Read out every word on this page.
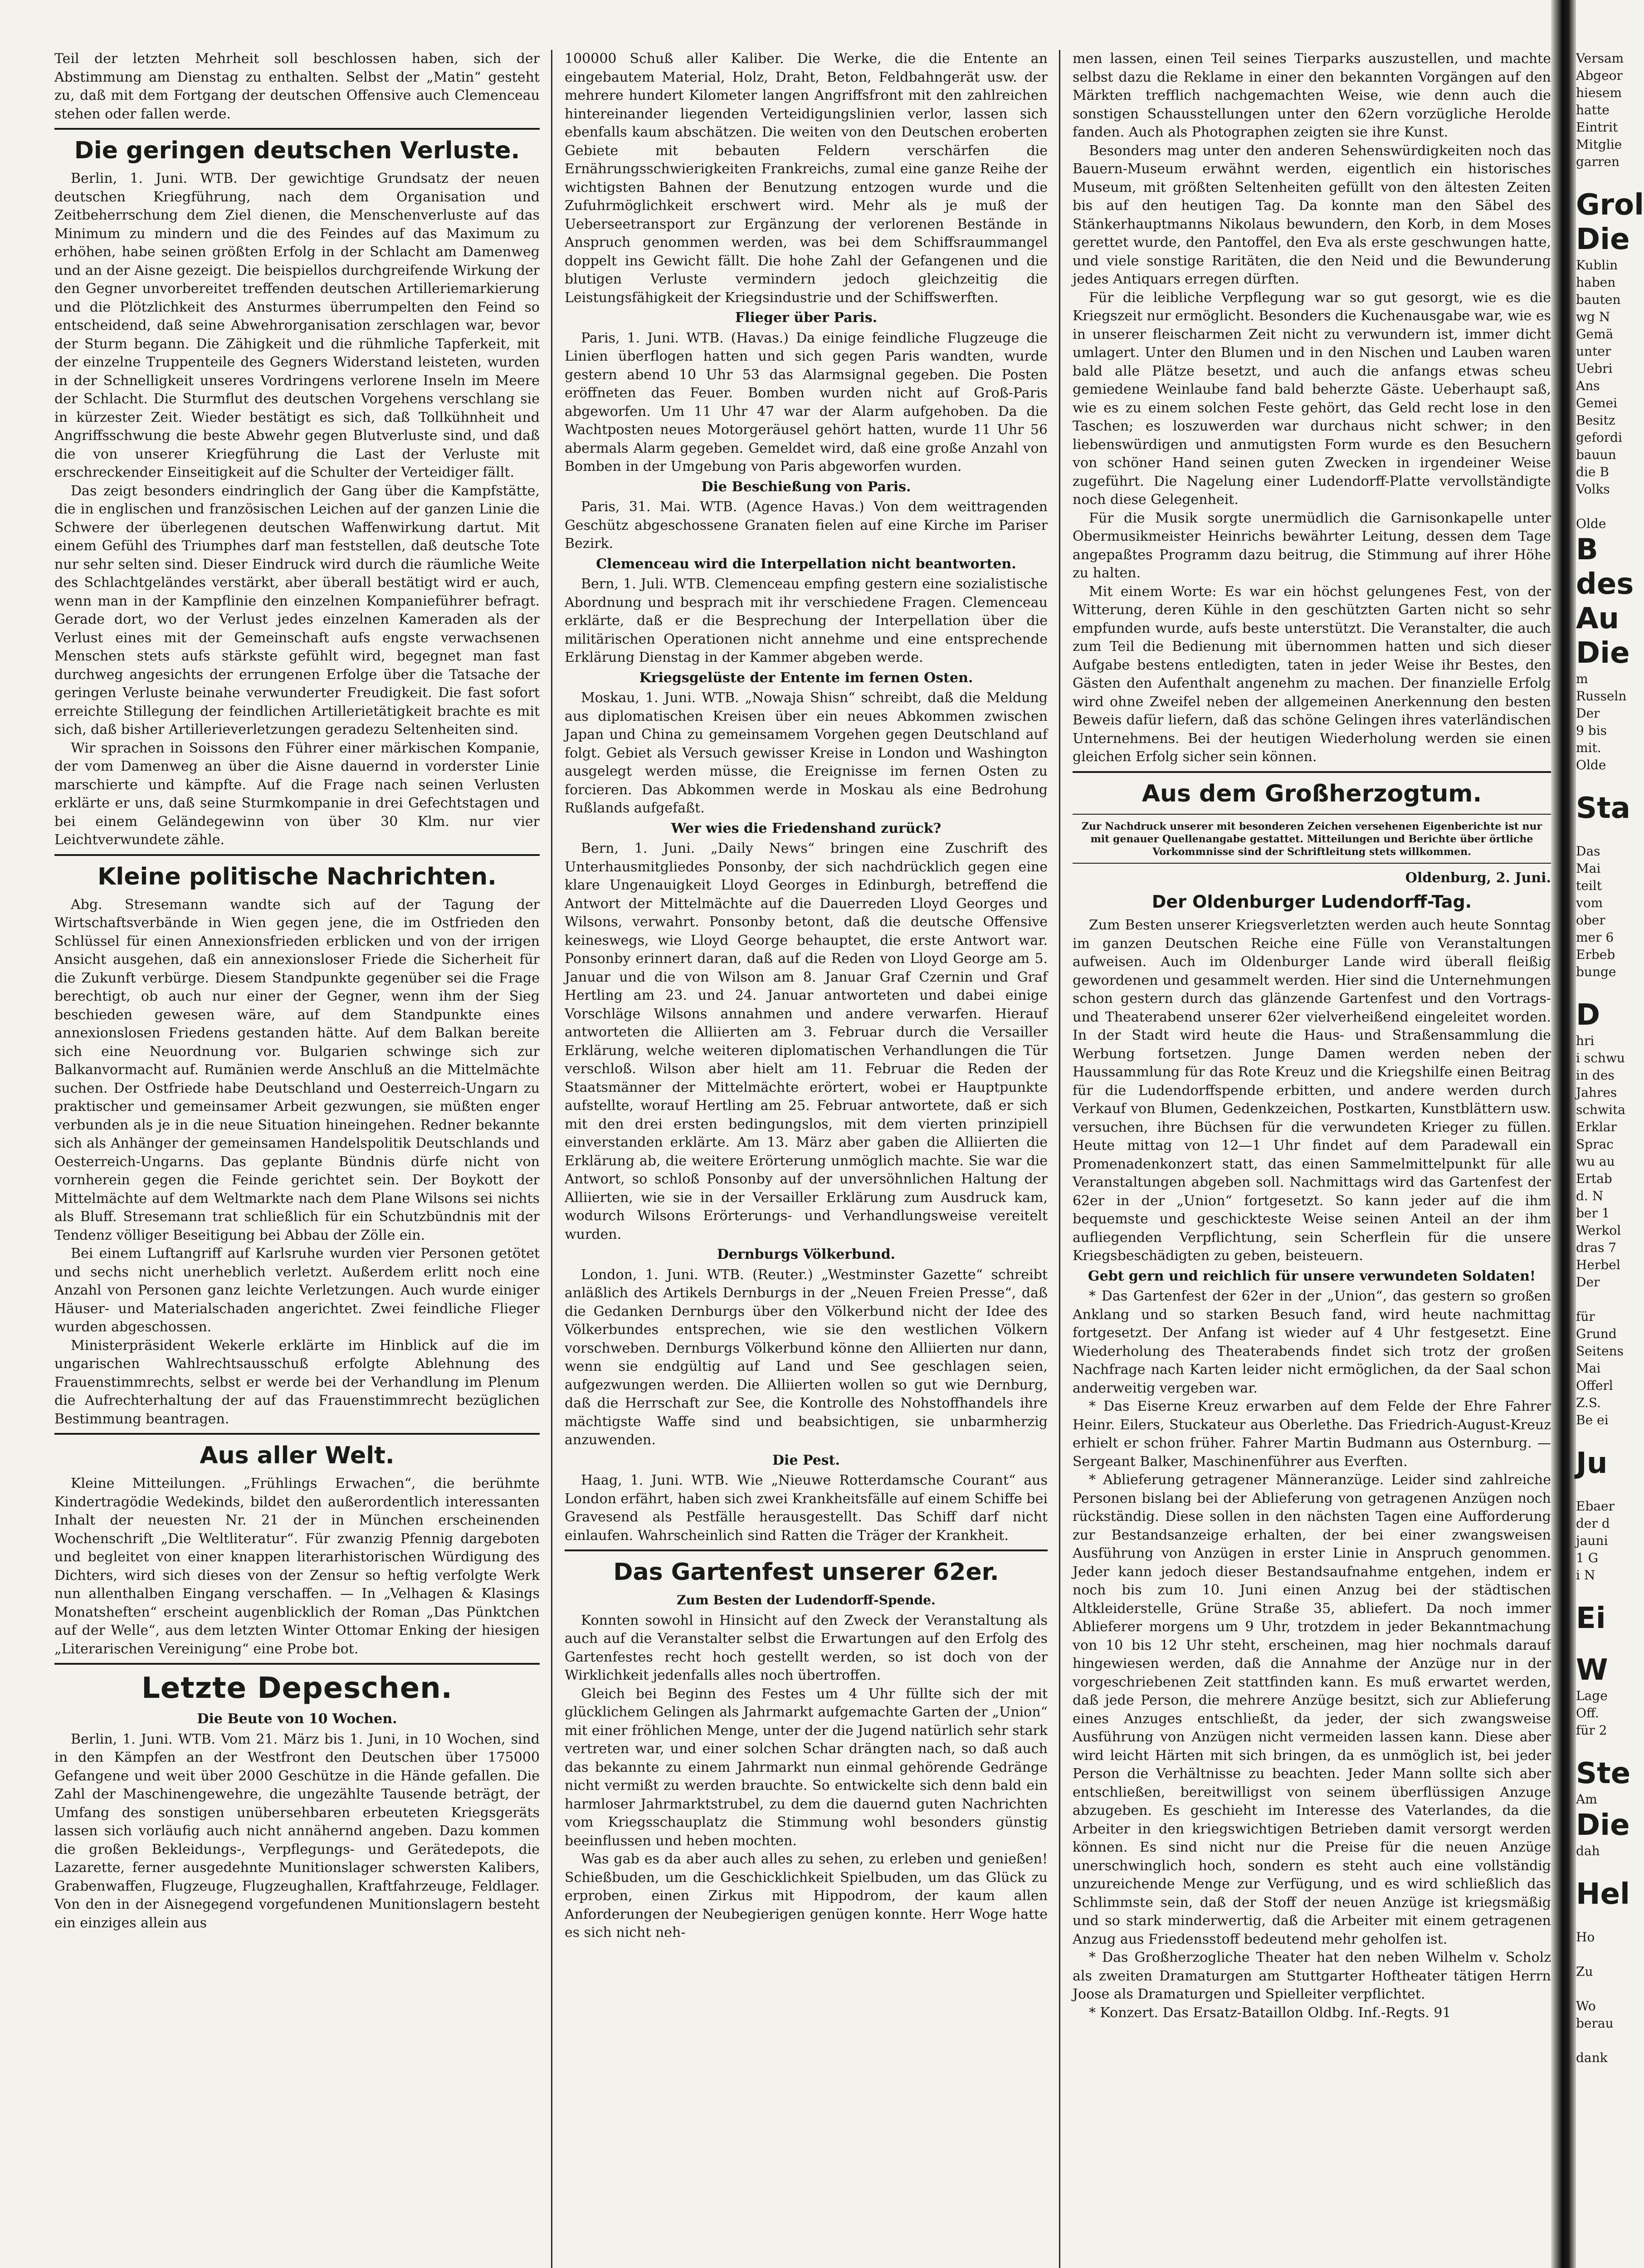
Teil der letzten Mehrheit soll beschlossen haben, sich der Abstimmung am Dienstag zu enthalten. Selbst der „Matin“ gesteht zu, daß mit dem Fortgang der deutschen Offensive auch Clemenceau stehen oder fallen werde.

Die geringen deutschen Verluste.

Berlin, 1. Juni. WTB. Der gewichtige Grundsatz der neuen deutschen Kriegführung, nach dem Organisation und Zeitbeherrschung dem Ziel dienen, die Menschenverluste auf das Minimum zu mindern und die des Feindes auf das Maximum zu erhöhen, habe seinen größten Erfolg in der Schlacht am Damenweg und an der Aisne gezeigt. Die beispiellos durchgreifende Wirkung der den Gegner unvorbereitet treffenden deutschen Artilleriemarkierung und die Plötzlichkeit des Ansturmes überrumpelten den Feind so entscheidend, daß seine Abwehrorganisation zerschlagen war, bevor der Sturm begann. Die Zähigkeit und die rühmliche Tapferkeit, mit der einzelne Truppenteile des Gegners Widerstand leisteten, wurden in der Schnelligkeit unseres Vordringens verlorene Inseln im Meere der Schlacht. Die Sturmflut des deutschen Vorgehens verschlang sie in kürzester Zeit. Wieder bestätigt es sich, daß Tollkühnheit und Angriffsschwung die beste Abwehr gegen Blutverluste sind, und daß die von unserer Kriegführung die Last der Verluste mit erschreckender Einseitigkeit auf die Schulter der Verteidiger fällt.

Das zeigt besonders eindringlich der Gang über die Kampfstätte, die in englischen und französischen Leichen auf der ganzen Linie die Schwere der überlegenen deutschen Waffenwirkung dartut. Mit einem Gefühl des Triumphes darf man feststellen, daß deutsche Tote nur sehr selten sind. Dieser Eindruck wird durch die räumliche Weite des Schlachtgeländes verstärkt, aber überall bestätigt wird er auch, wenn man in der Kampflinie den einzelnen Kompanieführer befragt. Gerade dort, wo der Verlust jedes einzelnen Kameraden als der Verlust eines mit der Gemeinschaft aufs engste verwachsenen Menschen stets aufs stärkste gefühlt wird, begegnet man fast durchweg angesichts der errungenen Erfolge über die Tatsache der geringen Verluste beinahe verwunderter Freudigkeit. Die fast sofort erreichte Stillegung der feindlichen Artillerietätigkeit brachte es mit sich, daß bisher Artillerieverletzungen geradezu Seltenheiten sind.

Wir sprachen in Soissons den Führer einer märkischen Kompanie, der vom Damenweg an über die Aisne dauernd in vorderster Linie marschierte und kämpfte. Auf die Frage nach seinen Verlusten erklärte er uns, daß seine Sturmkompanie in drei Gefechtstagen und bei einem Geländegewinn von über 30 Klm. nur vier Leichtverwundete zähle.

Kleine politische Nachrichten.

Abg. Stresemann wandte sich auf der Tagung der Wirtschaftsverbände in Wien gegen jene, die im Ostfrieden den Schlüssel für einen Annexionsfrieden erblicken und von der irrigen Ansicht ausgehen, daß ein annexionsloser Friede die Sicherheit für die Zukunft verbürge. Diesem Standpunkte gegenüber sei die Frage berechtigt, ob auch nur einer der Gegner, wenn ihm der Sieg beschieden gewesen wäre, auf dem Standpunkte eines annexionslosen Friedens gestanden hätte. Auf dem Balkan bereite sich eine Neuordnung vor. Bulgarien schwinge sich zur Balkanvormacht auf. Rumänien werde Anschluß an die Mittelmächte suchen. Der Ostfriede habe Deutschland und Oesterreich-Ungarn zu praktischer und gemeinsamer Arbeit gezwungen, sie müßten enger verbunden als je in die neue Situation hineingehen. Redner bekannte sich als Anhänger der gemeinsamen Handelspolitik Deutschlands und Oesterreich-Ungarns. Das geplante Bündnis dürfe nicht von vornherein gegen die Feinde gerichtet sein. Der Boykott der Mittelmächte auf dem Weltmarkte nach dem Plane Wilsons sei nichts als Bluff. Stresemann trat schließlich für ein Schutzbündnis mit der Tendenz völliger Beseitigung bei Abbau der Zölle ein.

Bei einem Luftangriff auf Karlsruhe wurden vier Personen getötet und sechs nicht unerheblich verletzt. Außerdem erlitt noch eine Anzahl von Personen ganz leichte Verletzungen. Auch wurde einiger Häuser- und Materialschaden angerichtet. Zwei feindliche Flieger wurden abgeschossen.

Ministerpräsident Wekerle erklärte im Hinblick auf die im ungarischen Wahlrechtsausschuß erfolgte Ablehnung des Frauenstimmrechts, selbst er werde bei der Verhandlung im Plenum die Aufrechterhaltung der auf das Frauenstimmrecht bezüglichen Bestimmung beantragen.

Aus aller Welt.

Kleine Mitteilungen. „Frühlings Erwachen“, die berühmte Kindertragödie Wedekinds, bildet den außerordentlich interessanten Inhalt der neuesten Nr. 21 der in München erscheinenden Wochenschrift „Die Weltliteratur“. Für zwanzig Pfennig dargeboten und begleitet von einer knappen literarhistorischen Würdigung des Dichters, wird sich dieses von der Zensur so heftig verfolgte Werk nun allenthalben Eingang verschaffen. — In „Velhagen & Klasings Monatsheften“ erscheint augenblicklich der Roman „Das Pünktchen auf der Welle“, aus dem letzten Winter Ottomar Enking der hiesigen „Literarischen Vereinigung“ eine Probe bot.

Letzte Depeschen.
Die Beute von 10 Wochen.

Berlin, 1. Juni. WTB. Vom 21. März bis 1. Juni, in 10 Wochen, sind in den Kämpfen an der Westfront den Deutschen über 175000 Gefangene und weit über 2000 Geschütze in die Hände gefallen. Die Zahl der Maschinengewehre, die ungezählte Tausende beträgt, der Umfang des sonstigen unübersehbaren erbeuteten Kriegsgeräts lassen sich vorläufig auch nicht annähernd angeben. Dazu kommen die großen Bekleidungs-, Verpflegungs- und Gerätedepots, die Lazarette, ferner ausgedehnte Munitionslager schwersten Kalibers, Grabenwaffen, Flugzeuge, Flugzeughallen, Kraftfahrzeuge, Feldlager. Von den in der Aisnegegend vorgefundenen Munitionslagern besteht ein einziges allein aus

100000 Schuß aller Kaliber. Die Werke, die die Entente an eingebautem Material, Holz, Draht, Beton, Feldbahngerät usw. der mehrere hundert Kilometer langen Angriffsfront mit den zahlreichen hintereinander liegenden Verteidigungslinien verlor, lassen sich ebenfalls kaum abschätzen. Die weiten von den Deutschen eroberten Gebiete mit bebauten Feldern verschärfen die Ernährungsschwierigkeiten Frankreichs, zumal eine ganze Reihe der wichtigsten Bahnen der Benutzung entzogen wurde und die Zufuhrmöglichkeit erschwert wird. Mehr als je muß der Ueberseetransport zur Ergänzung der verlorenen Bestände in Anspruch genommen werden, was bei dem Schiffsraummangel doppelt ins Gewicht fällt. Die hohe Zahl der Gefangenen und die blutigen Verluste vermindern jedoch gleichzeitig die Leistungsfähigkeit der Kriegsindustrie und der Schiffswerften.

Flieger über Paris.

Paris, 1. Juni. WTB. (Havas.) Da einige feindliche Flugzeuge die Linien überflogen hatten und sich gegen Paris wandten, wurde gestern abend 10 Uhr 53 das Alarmsignal gegeben. Die Posten eröffneten das Feuer. Bomben wurden nicht auf Groß-Paris abgeworfen. Um 11 Uhr 47 war der Alarm aufgehoben. Da die Wachtposten neues Motorgeräusel gehört hatten, wurde 11 Uhr 56 abermals Alarm gegeben. Gemeldet wird, daß eine große Anzahl von Bomben in der Umgebung von Paris abgeworfen wurden.

Die Beschießung von Paris.

Paris, 31. Mai. WTB. (Agence Havas.) Von dem weittragenden Geschütz abgeschossene Granaten fielen auf eine Kirche im Pariser Bezirk.

Clemenceau wird die Interpellation nicht beantworten.

Bern, 1. Juli. WTB. Clemenceau empfing gestern eine sozialistische Abordnung und besprach mit ihr verschiedene Fragen. Clemenceau erklärte, daß er die Besprechung der Interpellation über die militärischen Operationen nicht annehme und eine entsprechende Erklärung Dienstag in der Kammer abgeben werde.

Kriegsgelüste der Entente im fernen Osten.

Moskau, 1. Juni. WTB. „Nowaja Shisn“ schreibt, daß die Meldung aus diplomatischen Kreisen über ein neues Abkommen zwischen Japan und China zu gemeinsamem Vorgehen gegen Deutschland auf folgt. Gebiet als Versuch gewisser Kreise in London und Washington ausgelegt werden müsse, die Ereignisse im fernen Osten zu forcieren. Das Abkommen werde in Moskau als eine Bedrohung Rußlands aufgefaßt.

Wer wies die Friedenshand zurück?

Bern, 1. Juni. „Daily News“ bringen eine Zuschrift des Unterhausmitgliedes Ponsonby, der sich nachdrücklich gegen eine klare Ungenauigkeit Lloyd Georges in Edinburgh, betreffend die Antwort der Mittelmächte auf die Dauerreden Lloyd Georges und Wilsons, verwahrt. Ponsonby betont, daß die deutsche Offensive keineswegs, wie Lloyd George behauptet, die erste Antwort war. Ponsonby erinnert daran, daß auf die Reden von Lloyd George am 5. Januar und die von Wilson am 8. Januar Graf Czernin und Graf Hertling am 23. und 24. Januar antworteten und dabei einige Vorschläge Wilsons annahmen und andere verwarfen. Hierauf antworteten die Alliierten am 3. Februar durch die Versailler Erklärung, welche weiteren diplomatischen Verhandlungen die Tür verschloß. Wilson aber hielt am 11. Februar die Reden der Staatsmänner der Mittelmächte erörtert, wobei er Hauptpunkte aufstellte, worauf Hertling am 25. Februar antwortete, daß er sich mit den drei ersten bedingungslos, mit dem vierten prinzipiell einverstanden erklärte. Am 13. März aber gaben die Alliierten die Erklärung ab, die weitere Erörterung unmöglich machte. Sie war die Antwort, so schloß Ponsonby auf der unversöhnlichen Haltung der Alliierten, wie sie in der Versailler Erklärung zum Ausdruck kam, wodurch Wilsons Erörterungs- und Verhandlungsweise vereitelt wurden.

Dernburgs Völkerbund.

London, 1. Juni. WTB. (Reuter.) „Westminster Gazette“ schreibt anläßlich des Artikels Dernburgs in der „Neuen Freien Presse“, daß die Gedanken Dernburgs über den Völkerbund nicht der Idee des Völkerbundes entsprechen, wie sie den westlichen Völkern vorschweben. Dernburgs Völkerbund könne den Alliierten nur dann, wenn sie endgültig auf Land und See geschlagen seien, aufgezwungen werden. Die Alliierten wollen so gut wie Dernburg, daß die Herrschaft zur See, die Kontrolle des Nohstoffhandels ihre mächtigste Waffe sind und beabsichtigen, sie unbarmherzig anzuwenden.

Die Pest.

Haag, 1. Juni. WTB. Wie „Nieuwe Rotterdamsche Courant“ aus London erfährt, haben sich zwei Krankheitsfälle auf einem Schiffe bei Gravesend als Pestfälle herausgestellt. Das Schiff darf nicht einlaufen. Wahrscheinlich sind Ratten die Träger der Krankheit.

Das Gartenfest unserer 62er.
Zum Besten der Ludendorff-Spende.

Konnten sowohl in Hinsicht auf den Zweck der Veranstaltung als auch auf die Veranstalter selbst die Erwartungen auf den Erfolg des Gartenfestes recht hoch gestellt werden, so ist doch von der Wirklichkeit jedenfalls alles noch übertroffen.

Gleich bei Beginn des Festes um 4 Uhr füllte sich der mit glücklichem Gelingen als Jahrmarkt aufgemachte Garten der „Union“ mit einer fröhlichen Menge, unter der die Jugend natürlich sehr stark vertreten war, und einer solchen Schar drängten nach, so daß auch das bekannte zu einem Jahrmarkt nun einmal gehörende Gedränge nicht vermißt zu werden brauchte. So entwickelte sich denn bald ein harmloser Jahrmarktstrubel, zu dem die dauernd guten Nachrichten vom Kriegsschauplatz die Stimmung wohl besonders günstig beeinflussen und heben mochten.

Was gab es da aber auch alles zu sehen, zu erleben und genießen! Schießbuden, um die Geschicklichkeit Spielbuden, um das Glück zu erproben, einen Zirkus mit Hippodrom, der kaum allen Anforderungen der Neubegierigen genügen konnte. Herr Woge hatte es sich nicht neh-

men lassen, einen Teil seines Tierparks auszustellen, und machte selbst dazu die Reklame in einer den bekannten Vorgängen auf den Märkten trefflich nachgemachten Weise, wie denn auch die sonstigen Schausstellungen unter den 62ern vorzügliche Herolde fanden. Auch als Photographen zeigten sie ihre Kunst.

Besonders mag unter den anderen Sehenswürdigkeiten noch das Bauern-Museum erwähnt werden, eigentlich ein historisches Museum, mit größten Seltenheiten gefüllt von den ältesten Zeiten bis auf den heutigen Tag. Da konnte man den Säbel des Stänkerhauptmanns Nikolaus bewundern, den Korb, in dem Moses gerettet wurde, den Pantoffel, den Eva als erste geschwungen hatte, und viele sonstige Raritäten, die den Neid und die Bewunderung jedes Antiquars erregen dürften.

Für die leibliche Verpflegung war so gut gesorgt, wie es die Kriegszeit nur ermöglicht. Besonders die Kuchenausgabe war, wie es in unserer fleischarmen Zeit nicht zu verwundern ist, immer dicht umlagert. Unter den Blumen und in den Nischen und Lauben waren bald alle Plätze besetzt, und auch die anfangs etwas scheu gemiedene Weinlaube fand bald beherzte Gäste. Ueberhaupt saß, wie es zu einem solchen Feste gehört, das Geld recht lose in den Taschen; es loszuwerden war durchaus nicht schwer; in den liebenswürdigen und anmutigsten Form wurde es den Besuchern von schöner Hand seinen guten Zwecken in irgendeiner Weise zugeführt. Die Nagelung einer Ludendorff-Platte vervollständigte noch diese Gelegenheit.

Für die Musik sorgte unermüdlich die Garnisonkapelle unter Obermusikmeister Heinrichs bewährter Leitung, dessen dem Tage angepaßtes Programm dazu beitrug, die Stimmung auf ihrer Höhe zu halten.

Mit einem Worte: Es war ein höchst gelungenes Fest, von der Witterung, deren Kühle in den geschützten Garten nicht so sehr empfunden wurde, aufs beste unterstützt. Die Veranstalter, die auch zum Teil die Bedienung mit übernommen hatten und sich dieser Aufgabe bestens entledigten, taten in jeder Weise ihr Bestes, den Gästen den Aufenthalt angenehm zu machen. Der finanzielle Erfolg wird ohne Zweifel neben der allgemeinen Anerkennung den besten Beweis dafür liefern, daß das schöne Gelingen ihres vaterländischen Unternehmens. Bei der heutigen Wiederholung werden sie einen gleichen Erfolg sicher sein können.

Aus dem Großherzogtum.
Zur Nachdruck unserer mit besonderen Zeichen versehenen Eigenberichte ist nur mit genauer Quellenangabe gestattet. Mitteilungen und Berichte über örtliche Vorkommnisse sind der Schriftleitung stets willkommen.

Oldenburg, 2. Juni.

Der Oldenburger Ludendorff-Tag.

Zum Besten unserer Kriegsverletzten werden auch heute Sonntag im ganzen Deutschen Reiche eine Fülle von Veranstaltungen aufweisen. Auch im Oldenburger Lande wird überall fleißig gewordenen und gesammelt werden. Hier sind die Unternehmungen schon gestern durch das glänzende Gartenfest und den Vortrags- und Theaterabend unserer 62er vielverheißend eingeleitet worden. In der Stadt wird heute die Haus- und Straßensammlung die Werbung fortsetzen. Junge Damen werden neben der Haussammlung für das Rote Kreuz und die Kriegshilfe einen Beitrag für die Ludendorffspende erbitten, und andere werden durch Verkauf von Blumen, Gedenkzeichen, Postkarten, Kunstblättern usw. versuchen, ihre Büchsen für die verwundeten Krieger zu füllen. Heute mittag von 12—1 Uhr findet auf dem Paradewall ein Promenadenkonzert statt, das einen Sammelmittelpunkt für alle Veranstaltungen abgeben soll. Nachmittags wird das Gartenfest der 62er in der „Union“ fortgesetzt. So kann jeder auf die ihm bequemste und geschickteste Weise seinen Anteil an der ihm aufliegenden Verpflichtung, sein Scherflein für die unsere Kriegsbeschädigten zu geben, beisteuern.

Gebt gern und reichlich für unsere verwundeten Soldaten!

* Das Gartenfest der 62er in der „Union“, das gestern so großen Anklang und so starken Besuch fand, wird heute nachmittag fortgesetzt. Der Anfang ist wieder auf 4 Uhr festgesetzt. Eine Wiederholung des Theaterabends findet sich trotz der großen Nachfrage nach Karten leider nicht ermöglichen, da der Saal schon anderweitig vergeben war.

* Das Eiserne Kreuz erwarben auf dem Felde der Ehre Fahrer Heinr. Eilers, Stuckateur aus Oberlethe. Das Friedrich-August-Kreuz erhielt er schon früher. Fahrer Martin Budmann aus Osternburg. — Sergeant Balker, Maschinenführer aus Everften.

* Ablieferung getragener Männeranzüge. Leider sind zahlreiche Personen bislang bei der Ablieferung von getragenen Anzügen noch rückständig. Diese sollen in den nächsten Tagen eine Aufforderung zur Bestandsanzeige erhalten, der bei einer zwangsweisen Ausführung von Anzügen in erster Linie in Anspruch genommen. Jeder kann jedoch dieser Bestandsaufnahme entgehen, indem er noch bis zum 10. Juni einen Anzug bei der städtischen Altkleiderstelle, Grüne Straße 35, abliefert. Da noch immer Ablieferer morgens um 9 Uhr, trotzdem in jeder Bekanntmachung von 10 bis 12 Uhr steht, erscheinen, mag hier nochmals darauf hingewiesen werden, daß die Annahme der Anzüge nur in der vorgeschriebenen Zeit stattfinden kann. Es muß erwartet werden, daß jede Person, die mehrere Anzüge besitzt, sich zur Ablieferung eines Anzuges entschließt, da jeder, der sich zwangsweise Ausführung von Anzügen nicht vermeiden lassen kann. Diese aber wird leicht Härten mit sich bringen, da es unmöglich ist, bei jeder Person die Verhältnisse zu beachten. Jeder Mann sollte sich aber entschließen, bereitwilligst von seinem überflüssigen Anzuge abzugeben. Es geschieht im Interesse des Vaterlandes, da die Arbeiter in den kriegswichtigen Betrieben damit versorgt werden können. Es sind nicht nur die Preise für die neuen Anzüge unerschwinglich hoch, sondern es steht auch eine vollständig unzureichende Menge zur Verfügung, und es wird schließlich das Schlimmste sein, daß der Stoff der neuen Anzüge ist kriegsmäßig und so stark minderwertig, daß die Arbeiter mit einem getragenen Anzug aus Friedensstoff bedeutend mehr geholfen ist.

* Das Großherzogliche Theater hat den neben Wilhelm v. Scholz als zweiten Dramaturgen am Stuttgarter Hoftheater tätigen Herrn Joose als Dramaturgen und Spielleiter verpflichtet.

* Konzert. Das Ersatz-Bataillon Oldbg. Inf.-Regts. 91

Versam
Abgeor
hiesem
hatte
Eintrit
Mitglie
garren

Grol
Die
Kublin
haben
bauten
wg N
Gemä
unter
Uebri
Ans
Gemei
Besitz
gefordi
bauun
die B
Volks

Olde
B
des
Au
Die
m
Russeln
Der
9 bis
mit.
Olde

Sta

Das
Mai
teilt
vom
ober
mer 6
Erbeb
bunge

D
hri
i schwu
in des
Jahres
schwita
Erklar
Sprac
wu au
Ertab
d. N
ber 1
Werkol
dras 7
Herbel
Der

für
Grund
Seitens
Mai
Offerl
Z.S.
Be ei

Ju

Ebaer
der d
jauni
1 G
i N

Ei

W
Lage
Off.
für 2

Ste
Am
Die
dah

Hel

Ho

Zu

Wo
berau

dank
